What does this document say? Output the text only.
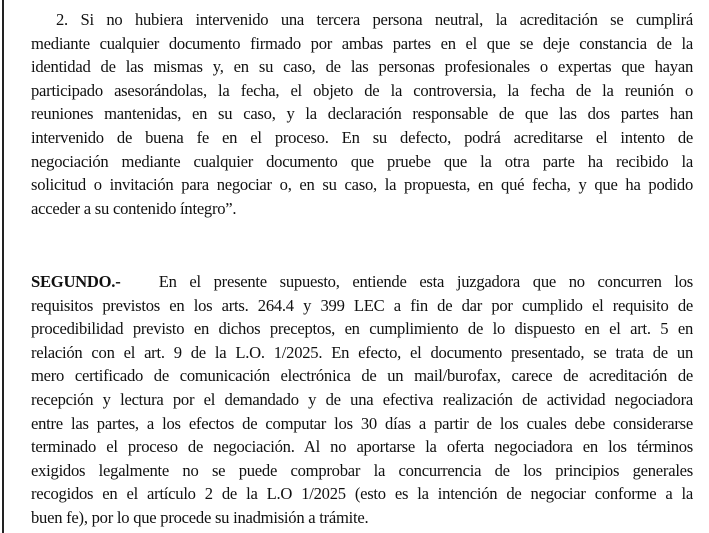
2. Si no hubiera intervenido una tercera persona neutral, la acreditación se cumplirá
mediante cualquier documento firmado por ambas partes en el que se deje constancia de la
identidad de las mismas y, en su caso, de las personas profesionales o expertas que hayan
participado asesorándolas, la fecha, el objeto de la controversia, la fecha de la reunión o
reuniones mantenidas, en su caso, y la declaración responsable de que las dos partes han
intervenido de buena fe en el proceso. En su defecto, podrá acreditarse el intento de
negociación mediante cualquier documento que pruebe que la otra parte ha recibido la
solicitud o invitación para negociar o, en su caso, la propuesta, en qué fecha, y que ha podido
acceder a su contenido íntegro”.
SEGUNDO.- En el presente supuesto, entiende esta juzgadora que no concurren los
requisitos previstos en los arts. 264.4 y 399 LEC a fin de dar por cumplido el requisito de
procedibilidad previsto en dichos preceptos, en cumplimiento de lo dispuesto en el art. 5 en
relación con el art. 9 de la L.O. 1/2025. En efecto, el documento presentado, se trata de un
mero certificado de comunicación electrónica de un mail/burofax, carece de acreditación de
recepción y lectura por el demandado y de una efectiva realización de actividad negociadora
entre las partes, a los efectos de computar los 30 días a partir de los cuales debe considerarse
terminado el proceso de negociación. Al no aportarse la oferta negociadora en los términos
exigidos legalmente no se puede comprobar la concurrencia de los principios generales
recogidos en el artículo 2 de la L.O 1/2025 (esto es la intención de negociar conforme a la
buen fe), por lo que procede su inadmisión a trámite.
